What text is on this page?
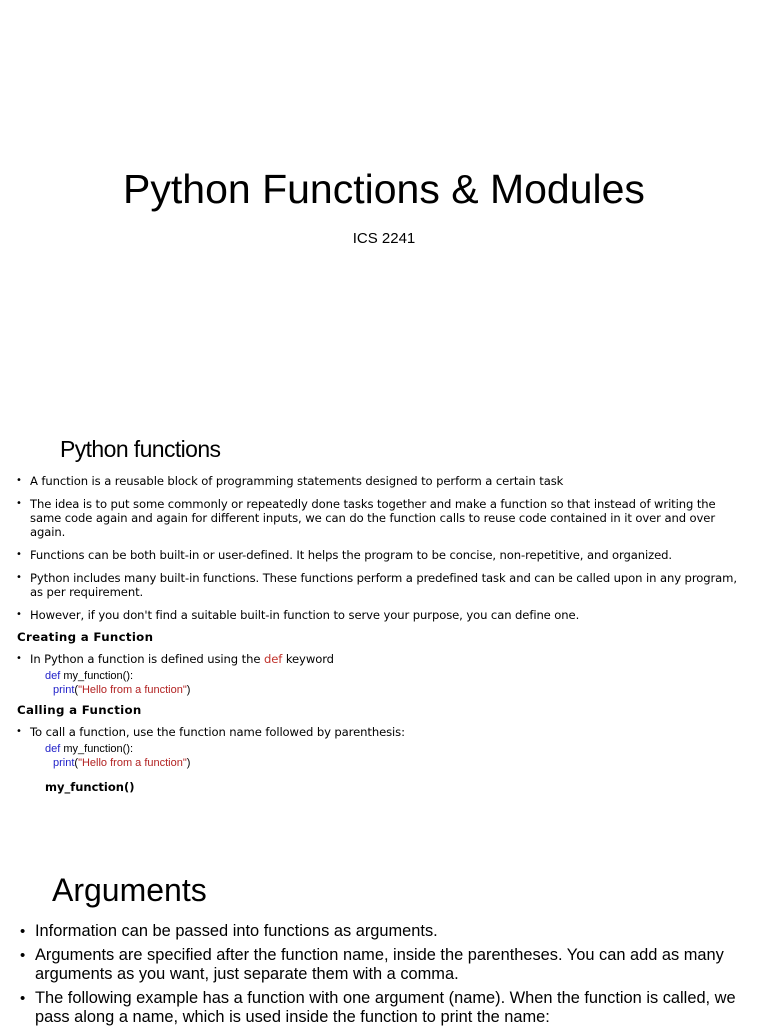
Python Functions & Modules
ICS 2241
Python functions
• A function is a reusable block of programming statements designed to perform a certain task
• The idea is to put some commonly or repeatedly done tasks together and make a function so that instead of writing the same code again and again for different inputs, we can do the function calls to reuse code contained in it over and over again.
• Functions can be both built-in or user-defined. It helps the program to be concise, non-repetitive, and organized.
• Python includes many built-in functions. These functions perform a predefined task and can be called upon in any program, as per requirement.
• However, if you don't find a suitable built-in function to serve your purpose, you can define one.
Creating a Function
• In Python a function is defined using the def keyword
def my_function():
print("Hello from a function")
Calling a Function
• To call a function, use the function name followed by parenthesis:
def my_function():
print("Hello from a function")
my_function()
Arguments
• Information can be passed into functions as arguments.
• Arguments are specified after the function name, inside the parentheses. You can add as many arguments as you want, just separate them with a comma.
• The following example has a function with one argument (name). When the function is called, we pass along a name, which is used inside the function to print the name:
